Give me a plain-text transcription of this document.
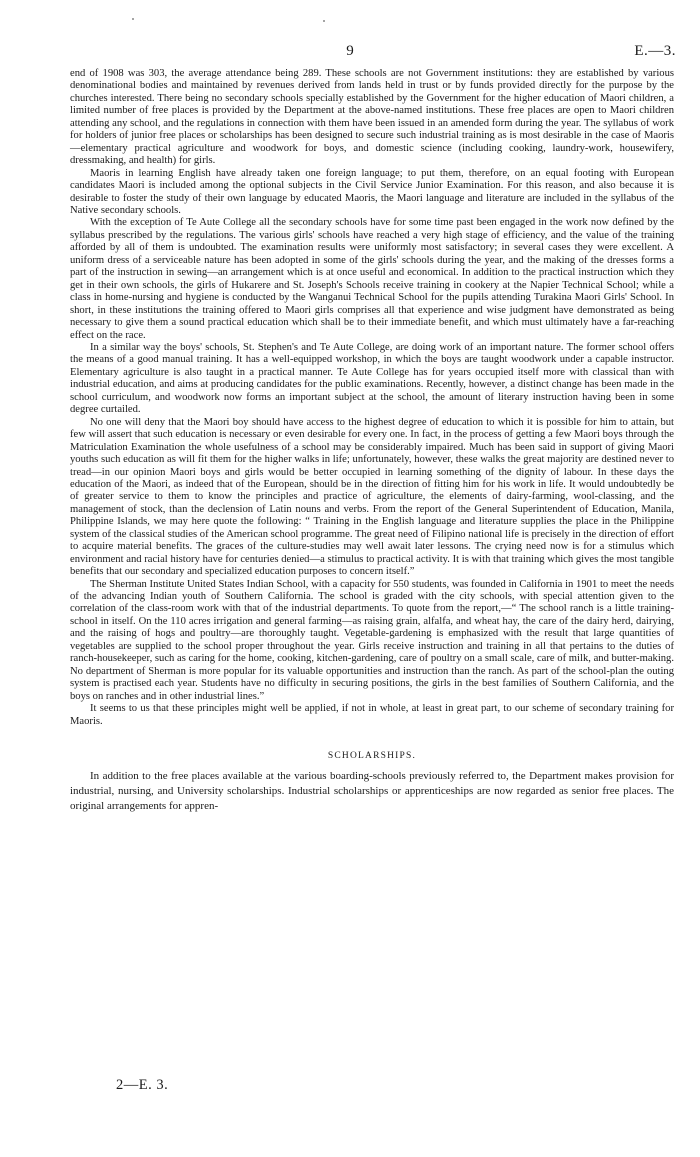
9	E.—3.

end of 1908 was 303, the average attendance being 289. These schools are not Government institutions: they are established by various denominational bodies and maintained by revenues derived from lands held in trust or by funds provided directly for the purpose by the churches interested. There being no secondary schools specially established by the Government for the higher education of Maori children, a limited number of free places is provided by the Department at the above-named institutions. These free places are open to Maori children attending any school, and the regulations in connection with them have been issued in an amended form during the year. The syllabus of work for holders of junior free places or scholarships has been designed to secure such industrial training as is most desirable in the case of Maoris—elementary practical agriculture and woodwork for boys, and domestic science (including cooking, laundry-work, housewifery, dressmaking, and health) for girls.

Maoris in learning English have already taken one foreign language; to put them, therefore, on an equal footing with European candidates Maori is included among the optional subjects in the Civil Service Junior Examination. For this reason, and also because it is desirable to foster the study of their own language by educated Maoris, the Maori language and literature are included in the syllabus of the Native secondary schools.

With the exception of Te Aute College all the secondary schools have for some time past been engaged in the work now defined by the syllabus prescribed by the regulations. The various girls' schools have reached a very high stage of efficiency, and the value of the training afforded by all of them is undoubted. The examination results were uniformly most satisfactory; in several cases they were excellent. A uniform dress of a serviceable nature has been adopted in some of the girls' schools during the year, and the making of the dresses forms a part of the instruction in sewing—an arrangement which is at once useful and economical. In addition to the practical instruction which they get in their own schools, the girls of Hukarere and St. Joseph's Schools receive training in cookery at the Napier Technical School; while a class in home-nursing and hygiene is conducted by the Wanganui Technical School for the pupils attending Turakina Maori Girls' School. In short, in these institutions the training offered to Maori girls comprises all that experience and wise judgment have demonstrated as being necessary to give them a sound practical education which shall be to their immediate benefit, and which must ultimately have a far-reaching effect on the race.

In a similar way the boys' schools, St. Stephen's and Te Aute College, are doing work of an important nature. The former school offers the means of a good manual training. It has a well-equipped workshop, in which the boys are taught woodwork under a capable instructor. Elementary agriculture is also taught in a practical manner. Te Aute College has for years occupied itself more with classical than with industrial education, and aims at producing candidates for the public examinations. Recently, however, a distinct change has been made in the school curriculum, and woodwork now forms an important subject at the school, the amount of literary instruction having been in some degree curtailed.

No one will deny that the Maori boy should have access to the highest degree of education to which it is possible for him to attain, but few will assert that such education is necessary or even desirable for every one. In fact, in the process of getting a few Maori boys through the Matriculation Examination the whole usefulness of a school may be considerably impaired. Much has been said in support of giving Maori youths such education as will fit them for the higher walks in life; unfortunately, however, these walks the great majority are destined never to tread—in our opinion Maori boys and girls would be better occupied in learning something of the dignity of labour. In these days the education of the Maori, as indeed that of the European, should be in the direction of fitting him for his work in life. It would undoubtedly be of greater service to them to know the principles and practice of agriculture, the elements of dairy-farming, wool-classing, and the management of stock, than the declension of Latin nouns and verbs. From the report of the General Superintendent of Education, Manila, Philippine Islands, we may here quote the following: “ Training in the English language and literature supplies the place in the Philippine system of the classical studies of the American school programme. The great need of Filipino national life is precisely in the direction of effort to acquire material benefits. The graces of the culture-studies may well await later lessons. The crying need now is for a stimulus which environment and racial history have for centuries denied—a stimulus to practical activity. It is with that training which gives the most tangible benefits that our secondary and specialized education purposes to concern itself.”

The Sherman Institute United States Indian School, with a capacity for 550 students, was founded in California in 1901 to meet the needs of the advancing Indian youth of Southern California. The school is graded with the city schools, with special attention given to the correlation of the class-room work with that of the industrial departments. To quote from the report,—“ The school ranch is a little training-school in itself. On the 110 acres irrigation and general farming—as raising grain, alfalfa, and wheat hay, the care of the dairy herd, dairying, and the raising of hogs and poultry—are thoroughly taught. Vegetable-gardening is emphasized with the result that large quantities of vegetables are supplied to the school proper throughout the year. Girls receive instruction and training in all that pertains to the duties of ranch-housekeeper, such as caring for the home, cooking, kitchen-gardening, care of poultry on a small scale, care of milk, and butter-making. No department of Sherman is more popular for its valuable opportunities and instruction than the ranch. As part of the school-plan the outing system is practised each year. Students have no difficulty in securing positions, the girls in the best families of Southern California, and the boys on ranches and in other industrial lines.”

It seems to us that these principles might well be applied, if not in whole, at least in great part, to our scheme of secondary training for Maoris.

SCHOLARSHIPS.

In addition to the free places available at the various boarding-schools previously referred to, the Department makes provision for industrial, nursing, and University scholarships. Industrial scholarships or apprenticeships are now regarded as senior free places. The original arrangements for appren-

2—E. 3.
